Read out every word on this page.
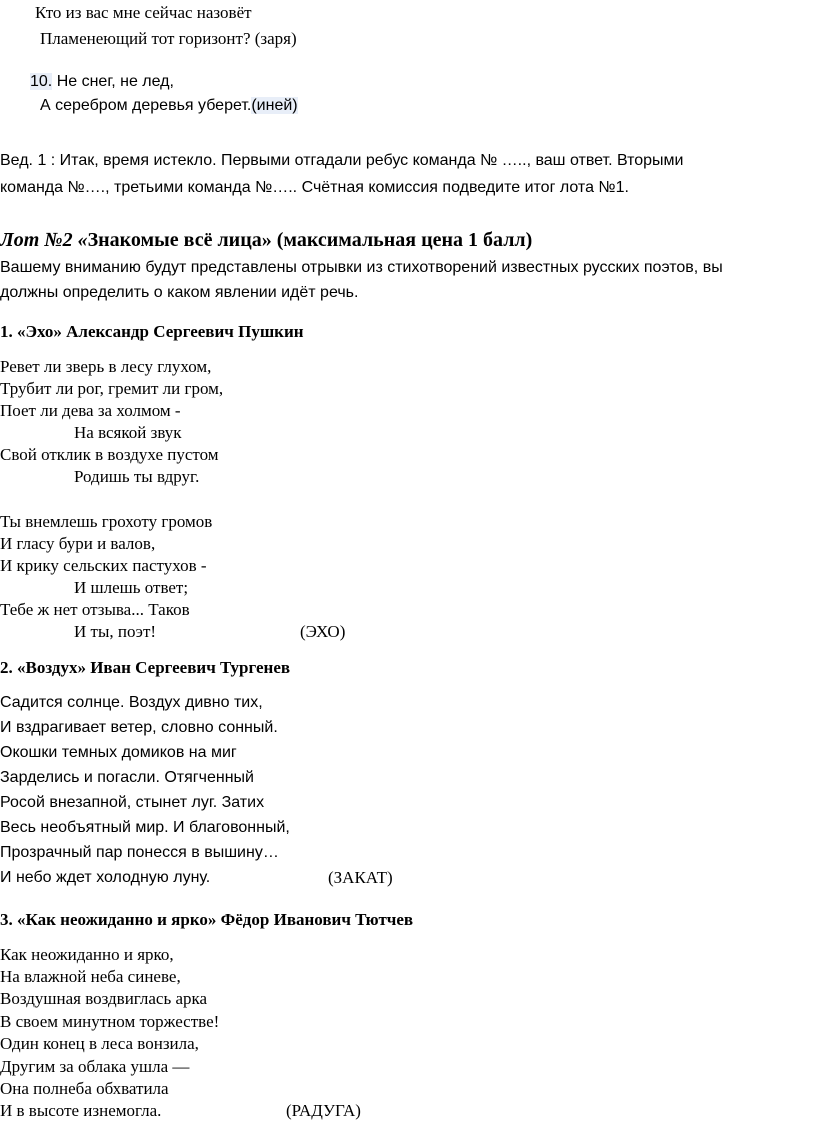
Кто из вас мне сейчас назовёт
Пламенеющий тот горизонт? (заря)
10. Не снег, не лед,
А серебром деревья уберет.(иней)
Вед. 1 : Итак, время истекло. Первыми отгадали ребус команда № ….., ваш ответ. Вторыми
команда №…., третьими команда №….. Счётная комиссия подведите итог лота №1.
Лот №2 «Знакомые всё лица» (максимальная цена 1 балл)
Вашему вниманию будут представлены отрывки из стихотворений известных русских поэтов, вы
должны определить о каком явлении идёт речь.
1. «Эхо» Александр Сергеевич Пушкин
Ревет ли зверь в лесу глухом,
Трубит ли рог, гремит ли гром,
Поет ли дева за холмом -
На всякой звук
Свой отклик в воздухе пустом
Родишь ты вдруг.
Ты внемлешь грохоту громов
И гласу бури и валов,
И крику сельских пастухов -
И шлешь ответ;
Тебе ж нет отзыва... Таков
И ты, поэт!	(ЭХО)
2. «Воздух» Иван Сергеевич Тургенев
Садится солнце. Воздух дивно тих,
И вздрагивает ветер, словно сонный.
Окошки темных домиков на миг
Зарделись и погасли. Отягченный
Росой внезапной, стынет луг. Затих
Весь необъятный мир. И благовонный,
Прозрачный пар понесся в вышину…
И небо ждет холодную луну.	(ЗАКАТ)
3. «Как неожиданно и ярко» Фёдор Иванович Тютчев
Как неожиданно и ярко,
На влажной неба синеве,
Воздушная воздвиглась арка
В своем минутном торжестве!
Один конец в леса вонзила,
Другим за облака ушла —
Она полнеба обхватила
И в высоте изнемогла.	(РАДУГА)
